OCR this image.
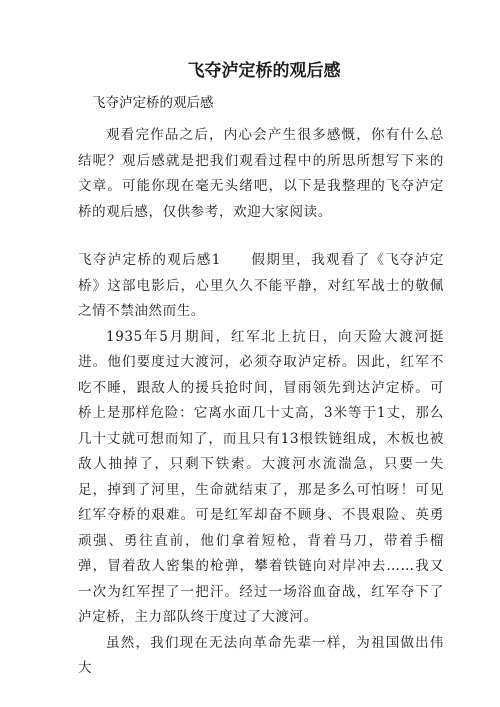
飞夺泸定桥的观后感
飞夺泸定桥的观后感

观看完作品之后，内心会产生很多感慨，你有什么总结呢？观后感就是把我们观看过程中的所思所想写下来的文章。可能你现在毫无头绪吧，以下是我整理的飞夺泸定桥的观后感，仅供参考，欢迎大家阅读。

飞夺泸定桥的观后感1　　假期里，我观看了《飞夺泸定桥》这部电影后，心里久久不能平静，对红军战士的敬佩之情不禁油然而生。

1935年5月期间，红军北上抗日，向天险大渡河挺进。他们要度过大渡河，必须夺取泸定桥。因此，红军不吃不睡，跟敌人的援兵抢时间，冒雨领先到达泸定桥。可桥上是那样危险：它离水面几十丈高，3米等于1丈，那么几十丈就可想而知了，而且只有13根铁链组成，木板也被敌人抽掉了，只剩下铁索。大渡河水流湍急，只要一失足，掉到了河里，生命就结束了，那是多么可怕呀！可见红军夺桥的艰难。可是红军却奋不顾身、不畏艰险、英勇顽强、勇往直前，他们拿着短枪，背着马刀，带着手榴弹，冒着敌人密集的枪弹，攀着铁链向对岸冲去……我又一次为红军捏了一把汗。经过一场浴血奋战，红军夺下了泸定桥，主力部队终于度过了大渡河。

虽然，我们现在无法向革命先辈一样，为祖国做出伟大
